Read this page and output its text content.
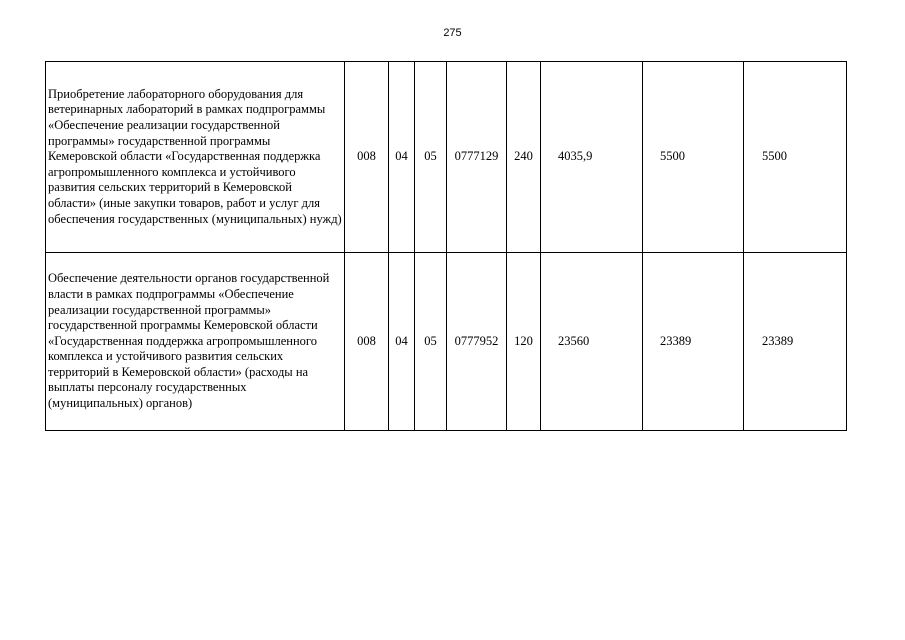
275
Приобретение лабораторного оборудования для ветеринарных лабораторий в рамках подпрограммы «Обеспечение реализации государственной программы» государственной программы Кемеровской области «Государственная поддержка агропромышленного комплекса и устойчивого развития сельских территорий в Кемеровской области» (иные закупки товаров, работ и услуг для обеспечения государственных (муниципальных) нужд)	008	04	05	0777129	240	4035,9	5500	5500
Обеспечение деятельности органов государственной власти в рамках подпрограммы «Обеспечение реализации государственной программы» государственной программы Кемеровской области «Государственная поддержка агропромышленного комплекса и устойчивого развития сельских территорий в Кемеровской области» (расходы на выплаты персоналу государственных (муниципальных) органов)	008	04	05	0777952	120	23560	23389	23389
